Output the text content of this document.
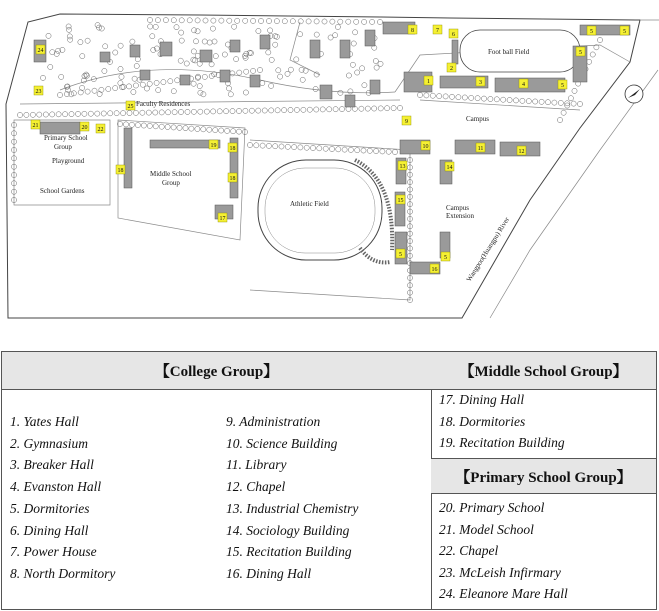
1
2
3	4	5
6
7
8
9
10	11	12
13	14
15
16
17
18
19
20
21
22
23
24
25
5	5
5
5	5
18
18
Foot ball Field
Campus
Faculty Residences
Primary School
Group
Playground
School Gardens
Middle School
Group
Athletic Field	Campus
Extension
Wangpoo(Huangpu) River
【College Group】
1. Yates Hall
2. Gymnasium
3. Breaker Hall
4. Evanston Hall
5. Dormitories
6. Dining Hall
7. Power House
8. North Dormitory
9. Administration
10. Science Building
11. Library
12. Chapel
13. Industrial Chemistry
14. Sociology Building
15. Recitation Building
16. Dining Hall
【Middle School Group】
17. Dining Hall
18. Dormitories
19. Recitation Building
【Primary School Group】
20. Primary School
21. Model School
22. Chapel
23. McLeish Infirmary
24. Eleanore Mare Hall
